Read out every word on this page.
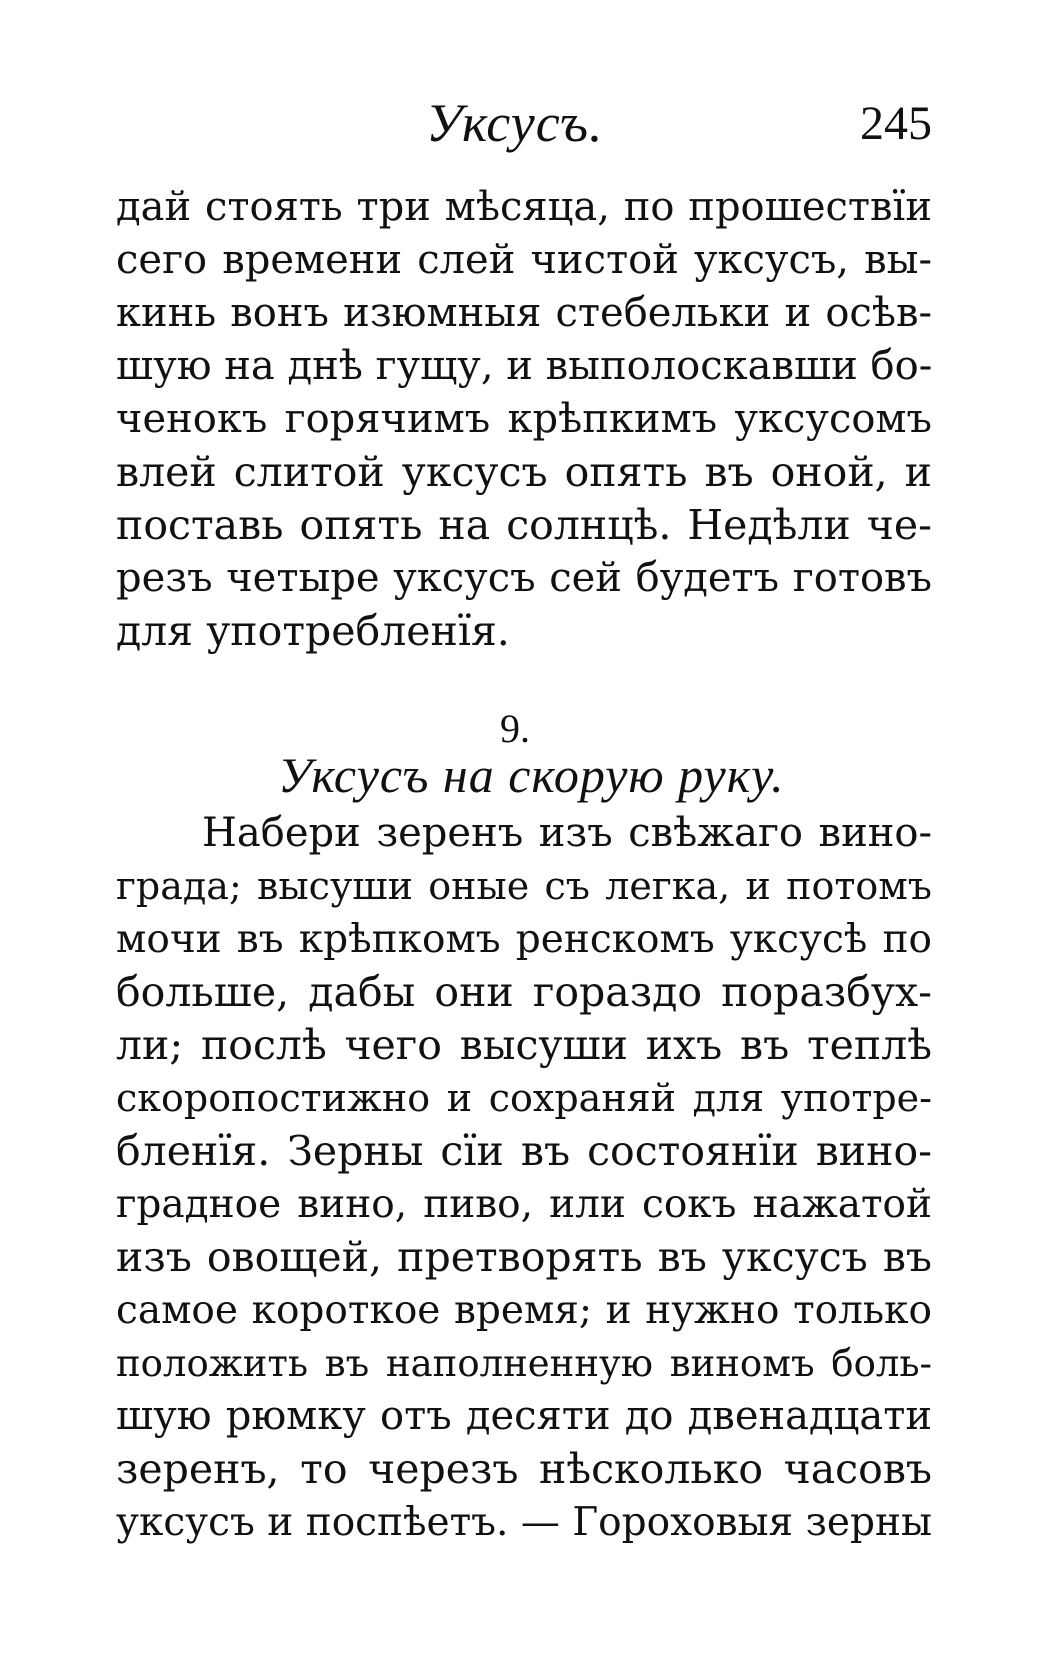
Уксусъ.	245
дай стоять три мѣсяца, по прошествїи
сего времени слей чистой уксусъ, вы-
кинь вонъ изюмныя стебельки и осѣв-
шую на днѣ гущу, и выполоскавши бо-
ченокъ горячимъ крѣпкимъ уксусомъ
влей слитой уксусъ опять въ оной, и
поставь опять на солнцѣ. Недѣли че-
резъ четыре уксусъ сей будетъ готовъ
для употребленїя.
9.
Уксусъ на скорую руку.
Набери зеренъ изъ свѣжаго вино-
града; высуши оные съ легка, и потомъ
мочи въ крѣпкомъ ренскомъ уксусѣ по
больше, дабы они гораздо поразбух-
ли; послѣ чего высуши ихъ въ теплѣ
скоропостижно и сохраняй для употре-
бленїя. Зерны сїи въ состоянїи вино-
градное вино, пиво, или сокъ нажатой
изъ овощей, претворять въ уксусъ въ
самое короткое время; и нужно только
положить въ наполненную виномъ боль-
шую рюмку отъ десяти до двенадцати
зеренъ, то черезъ нѣсколько часовъ
уксусъ и поспѣетъ. — Гороховыя зерны
